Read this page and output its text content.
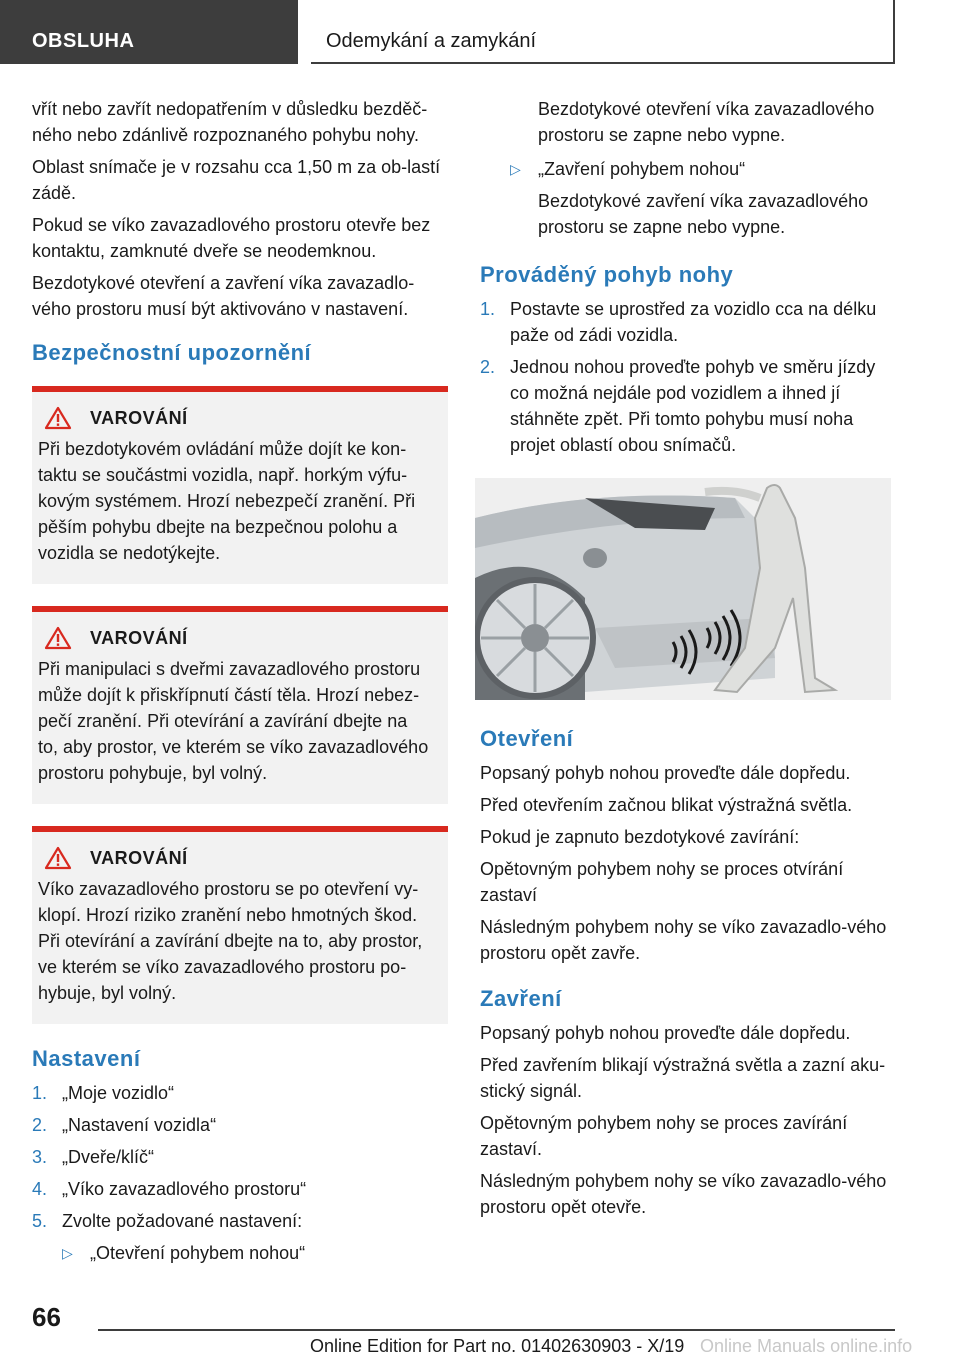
OBSLUHA	Odemykání a zamykání

vřít nebo zavřít nedopatřením v důsledku bezděč-ného nebo zdánlivě rozpoznaného pohybu nohy.

Oblast snímače je v rozsahu cca 1,50 m za ob-lastí zádě.

Pokud se víko zavazadlového prostoru otevře bez kontaktu, zamknuté dveře se neodemknou.

Bezdotykové otevření a zavření víka zavazadlo-vého prostoru musí být aktivováno v nastavení.

Bezpečnostní upozornění
VAROVÁNÍ

Při bezdotykovém ovládání může dojít ke kon-taktu se součástmi vozidla, např. horkým výfu-kovým systémem. Hrozí nebezpečí zranění. Při pěším pohybu dbejte na bezpečnou polohu a vozidla se nedotýkejte.

VAROVÁNÍ

Při manipulaci s dveřmi zavazadlového prostoru může dojít k přiskřípnutí částí těla. Hrozí nebez-pečí zranění. Při otevírání a zavírání dbejte na to, aby prostor, ve kterém se víko zavazadlového prostoru pohybuje, byl volný.

VAROVÁNÍ

Víko zavazadlového prostoru se po otevření vy-klopí. Hrozí riziko zranění nebo hmotných škod. Při otevírání a zavírání dbejte na to, aby prostor, ve kterém se víko zavazadlového prostoru po-hybuje, byl volný.

Nastavení
1. „Moje vozidlo“
2. „Nastavení vozidla“
3. „Dveře/klíč“
4. „Víko zavazadlového prostoru“
5. Zvolte požadované nastavení:
▷ „Otevření pohybem nohou“

Bezdotykové otevření víka zavazadlového prostoru se zapne nebo vypne.

▷ „Zavření pohybem nohou“

Bezdotykové zavření víka zavazadlového prostoru se zapne nebo vypne.

Prováděný pohyb nohy
1. Postavte se uprostřed za vozidlo cca na délku paže od zádi vozidla.
2. Jednou nohou proveďte pohyb ve směru jízdy co možná nejdále pod vozidlem a ihned jí stáhněte zpět. Při tomto pohybu musí noha projet oblastí obou snímačů.
Otevření

Popsaný pohyb nohou proveďte dále dopředu.

Před otevřením začnou blikat výstražná světla.

Pokud je zapnuto bezdotykové zavírání:

Opětovným pohybem nohy se proces otvírání zastaví

Následným pohybem nohy se víko zavazadlo-vého prostoru opět zavře.

Zavření

Popsaný pohyb nohou proveďte dále dopředu.

Před zavřením blikají výstražná světla a zazní aku-stický signál.

Opětovným pohybem nohy se proces zavírání zastaví.

Následným pohybem nohy se víko zavazadlo-vého prostoru opět otevře.

66
Online Edition for Part no. 01402630903 - X/19 Online Manuals online.info
